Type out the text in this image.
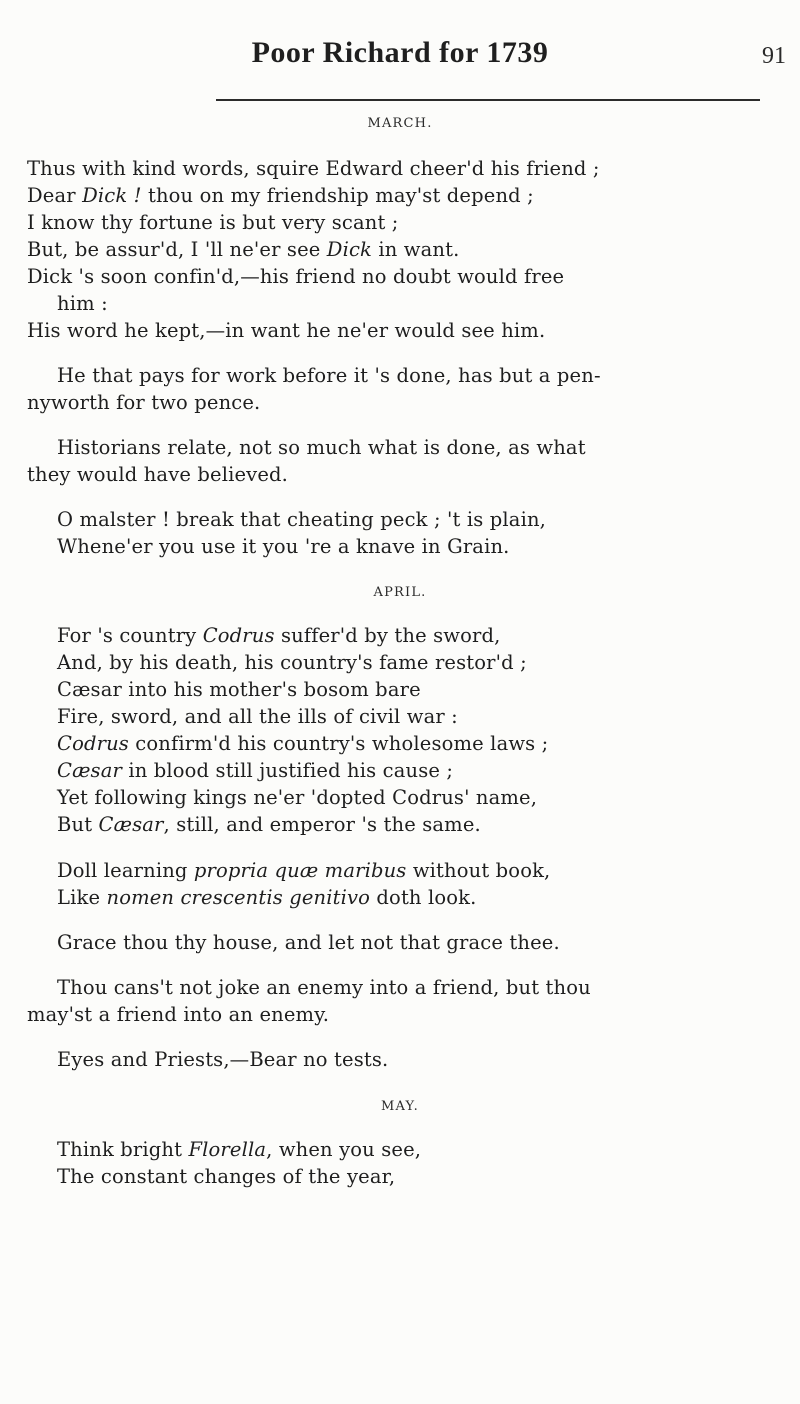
Poor Richard for 1739	91
MARCH.
Thus with kind words, squire Edward cheer'd his friend ;
Dear Dick ! thou on my friendship may'st depend ;
I know thy fortune is but very scant ;
But, be assur'd, I 'll ne'er see Dick in want.
Dick 's soon confin'd,—his friend no doubt would free
him :
His word he kept,—in want he ne'er would see him.
He that pays for work before it 's done, has but a pen-
nyworth for two pence.
Historians relate, not so much what is done, as what
they would have believed.
O malster ! break that cheating peck ; 't is plain,
Whene'er you use it you 're a knave in Grain.
APRIL.
For 's country Codrus suffer'd by the sword,
And, by his death, his country's fame restor'd ;
Cæsar into his mother's bosom bare
Fire, sword, and all the ills of civil war :
Codrus confirm'd his country's wholesome laws ;
Cæsar in blood still justified his cause ;
Yet following kings ne'er 'dopted Codrus' name,
But Cæsar, still, and emperor 's the same.
Doll learning propria quæ maribus without book,
Like nomen crescentis genitivo doth look.
Grace thou thy house, and let not that grace thee.
Thou cans't not joke an enemy into a friend, but thou
may'st a friend into an enemy.
Eyes and Priests,—Bear no tests.
MAY.
Think bright Florella, when you see,
The constant changes of the year,
